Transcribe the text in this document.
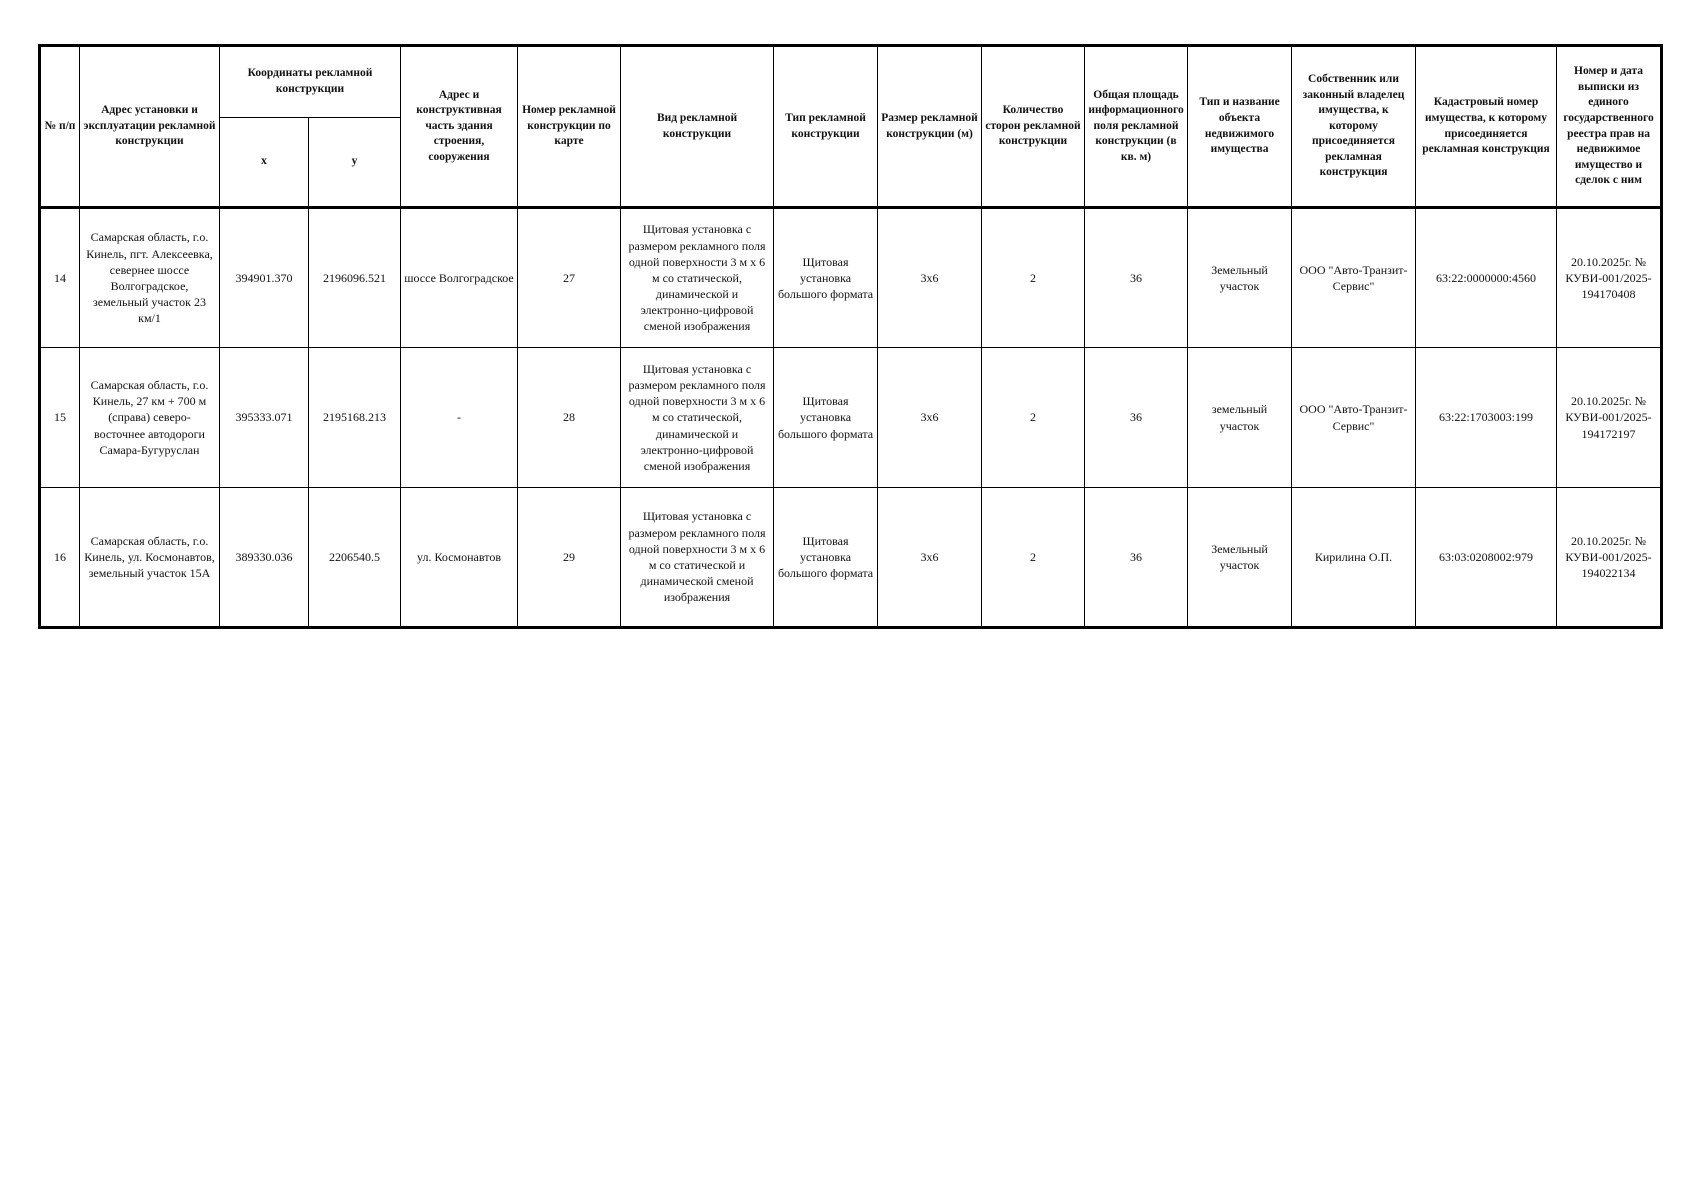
№ п/п	Адрес установки и эксплуатации рекламной конструкции	Координаты рекламной конструкции		Адрес и конструктивная часть здания строения, сооружения	Номер рекламной конструкции по карте	Вид рекламной конструкции	Тип рекламной конструкции	Размер рекламной конструкции (м)	Количество сторон рекламной конструкции	Общая площадь информационного поля рекламной конструкции (в кв. м)	Тип и название объекта недвижимого имущества	Собственник или законный владелец имущества, к которому присоединяется рекламная конструкция	Кадастровый номер имущества, к которому присоединяется рекламная конструкция	Номер и дата выписки из единого государственного реестра прав на недвижимое имущество и сделок с ним
		x	y											
14	Самарская область, г.о. Кинель, пгт. Алексеевка, севернее шоссе Волгоградское, земельный участок 23 км/1	394901.370	2196096.521	шоссе Волгоградское	27	Щитовая установка с размером рекламного поля одной поверхности 3 м х 6 м со статической, динамической и электронно-цифровой сменой изображения	Щитовая установка большого формата	3х6	2	36	Земельный участок	ООО "Авто-Транзит-Сервис"	63:22:0000000:4560	20.10.2025г. № КУВИ-001/2025-194170408
15	Самарская область, г.о. Кинель, 27 км + 700 м (справа) северо-восточнее автодороги Самара-Бугуруслан	395333.071	2195168.213	-	28	Щитовая установка с размером рекламного поля одной поверхности 3 м х 6 м со статической, динамической и электронно-цифровой сменой изображения	Щитовая установка большого формата	3х6	2	36	земельный участок	ООО "Авто-Транзит-Сервис"	63:22:1703003:199	20.10.2025г. № КУВИ-001/2025-194172197
16	Самарская область, г.о. Кинель, ул. Космонавтов, земельный участок 15А	389330.036	2206540.5	ул. Космонавтов	29	Щитовая установка с размером рекламного поля одной поверхности 3 м х 6 м со статической и динамической сменой изображения	Щитовая установка большого формата	3х6	2	36	Земельный участок	Кирилина О.П.	63:03:0208002:979	20.10.2025г. № КУВИ-001/2025-194022134
